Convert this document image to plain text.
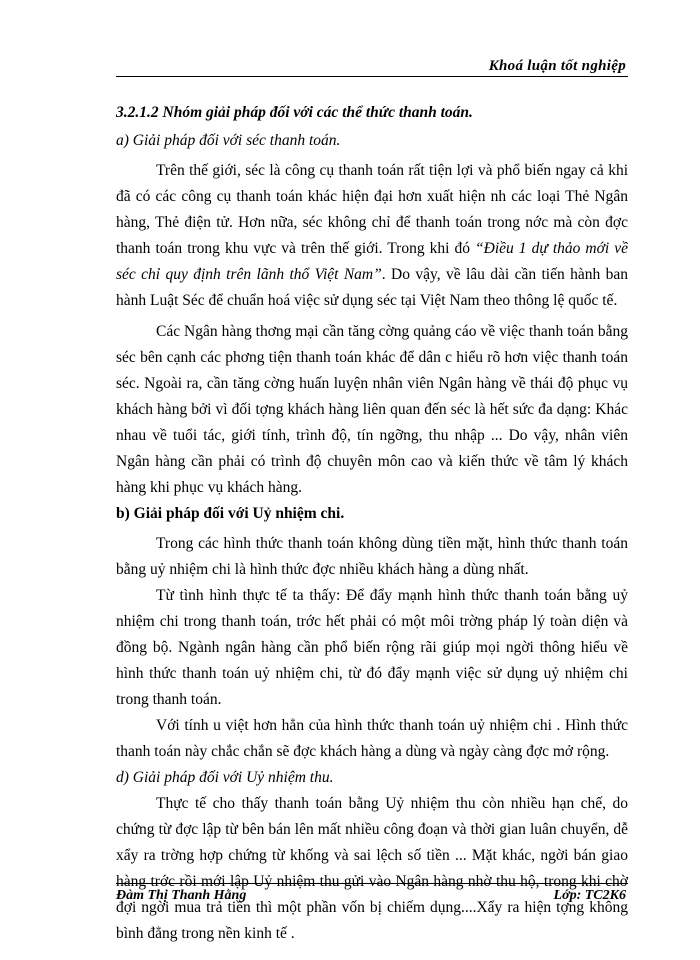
Khoá luận tốt nghiệp

3.2.1.2 Nhóm giải pháp đối với các thể thức thanh toán.

a) Giải pháp đối với séc thanh toán.

Trên thế giới, séc là công cụ thanh toán rất tiện lợi và phổ biến ngay cả khi đã có các công cụ thanh toán khác hiện đại hơn xuất hiện nh các loại Thẻ Ngân hàng, Thẻ điện tử. Hơn nữa, séc không chỉ để thanh toán trong nớc mà còn đợc thanh toán trong khu vực và trên thế giới. Trong khi đó “Điều 1 dự thảo mới về séc chỉ quy định trên lãnh thổ Việt Nam”. Do vậy, về lâu dài cần tiến hành ban hành Luật Séc để chuẩn hoá việc sử dụng séc tại Việt Nam theo thông lệ quốc tế.

Các Ngân hàng thơng mại cần tăng cờng quảng cáo về việc thanh toán bằng séc bên cạnh các phơng tiện thanh toán khác để dân c hiểu rõ hơn việc thanh toán séc. Ngoài ra, cần tăng cờng huấn luyện nhân viên Ngân hàng về thái độ phục vụ khách hàng bởi vì đối tợng khách hàng liên quan đến séc là hết sức đa dạng: Khác nhau về tuổi tác, giới tính, trình độ, tín ngỡng, thu nhập ... Do vậy, nhân viên Ngân hàng cần phải có trình độ chuyên môn cao và kiến thức về tâm lý khách hàng khi phục vụ khách hàng.

b) Giải pháp đối với Uỷ nhiệm chi.

Trong các hình thức thanh toán không dùng tiền mặt, hình thức thanh toán bằng uỷ nhiệm chi là hình thức đợc nhiều khách hàng a dùng nhất.

Từ tình hình thực tế ta thấy: Để đẩy mạnh hình thức thanh toán bằng uỷ nhiệm chi trong thanh toán, trớc hết phải có một môi trờng pháp lý toàn diện và đồng bộ. Ngành ngân hàng cần phổ biến rộng rãi giúp mọi ngời thông hiểu về hình thức thanh toán uỷ nhiệm chi, từ đó đẩy mạnh việc sử dụng uỷ nhiệm chi trong thanh toán.

Với tính u việt hơn hẳn của hình thức thanh toán uỷ nhiệm chi . Hình thức thanh toán này chắc chắn sẽ đợc khách hàng a dùng và ngày càng đợc mở rộng.

d) Giải pháp đối với Uỷ nhiệm thu.

Thực tế cho thấy thanh toán bằng Uỷ nhiệm thu còn nhiều hạn chế, do chứng từ đợc lập từ bên bán lên mất nhiều công đoạn và thời gian luân chuyển, dễ xẩy ra trờng hợp chứng từ khống và sai lệch số tiền ... Mặt khác, ngời bán giao hàng trớc rồi mới lập Uỷ nhiệm thu gửi vào Ngân hàng nhờ thu hộ, trong khi chờ đợi ngời mua trả tiền thì một phần vốn bị chiếm dụng....Xẩy ra hiện tợng không bình đẳng trong nền kinh tế .

Đàm Thị Thanh Hằng	Lớp: TC2K6
